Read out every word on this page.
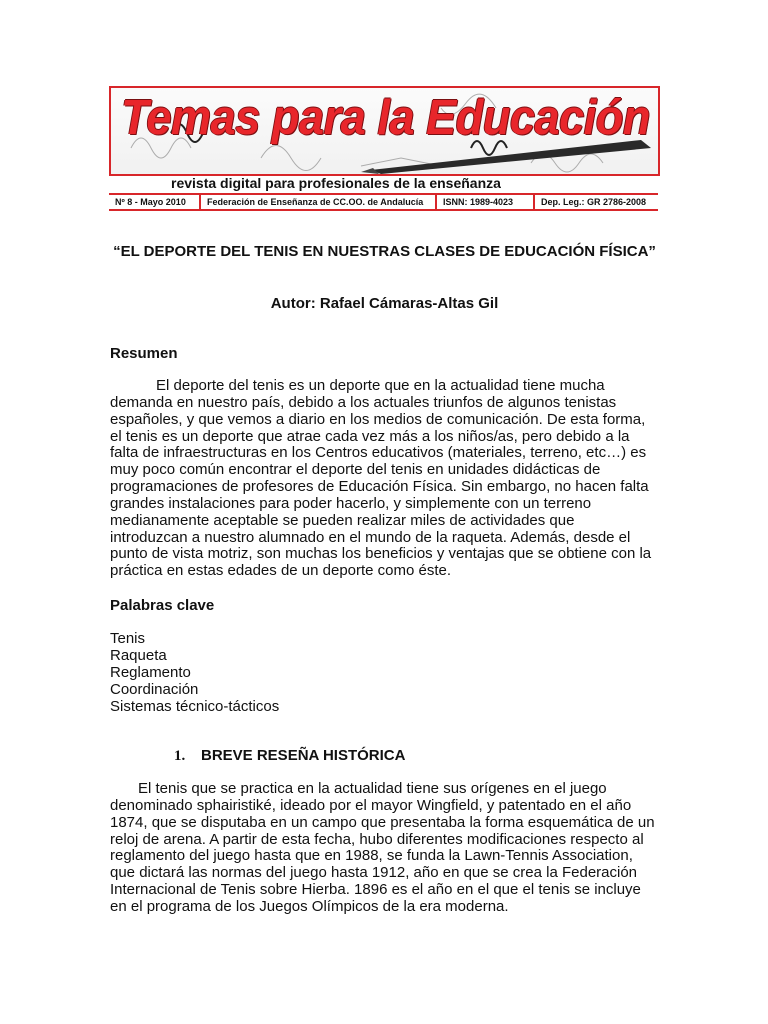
Temas para la Educación
revista digital para profesionales de la enseñanza
Nº 8 - Mayo 2010	Federación de Enseñanza de CC.OO. de Andalucía	ISNN: 1989-4023	Dep. Leg.: GR 2786-2008
“EL DEPORTE DEL TENIS EN NUESTRAS CLASES DE EDUCACIÓN FÍSICA”
Autor: Rafael Cámaras-Altas Gil
Resumen
El deporte del tenis es un deporte que en la actualidad tiene mucha demanda en nuestro país, debido a los actuales triunfos de algunos tenistas españoles, y que vemos a diario en los medios de comunicación. De esta forma, el tenis es un deporte que atrae cada vez más a los niños/as, pero debido a la falta de infraestructuras en los Centros educativos (materiales, terreno, etc…) es muy poco común encontrar el deporte del tenis en unidades didácticas de programaciones de profesores de Educación Física. Sin embargo, no hacen falta grandes instalaciones para poder hacerlo, y simplemente con un terreno medianamente aceptable se pueden realizar miles de actividades que introduzcan a nuestro alumnado en el mundo de la raqueta. Además, desde el punto de vista motriz, son muchas los beneficios y ventajas que se obtiene con la práctica en estas edades de un deporte como éste.
Palabras clave
Tenis
Raqueta
Reglamento
Coordinación
Sistemas técnico-tácticos
1. BREVE RESEÑA HISTÓRICA
El tenis que se practica en la actualidad tiene sus orígenes en el juego denominado sphairistiké, ideado por el mayor Wingfield, y patentado en el año 1874, que se disputaba en un campo que presentaba la forma esquemática de un reloj de arena. A partir de esta fecha, hubo diferentes modificaciones respecto al reglamento del juego hasta que en 1988, se funda la Lawn-Tennis Association, que dictará las normas del juego hasta 1912, año en que se crea la Federación Internacional de Tenis sobre Hierba. 1896 es el año en el que el tenis se incluye en el programa de los Juegos Olímpicos de la era moderna.
